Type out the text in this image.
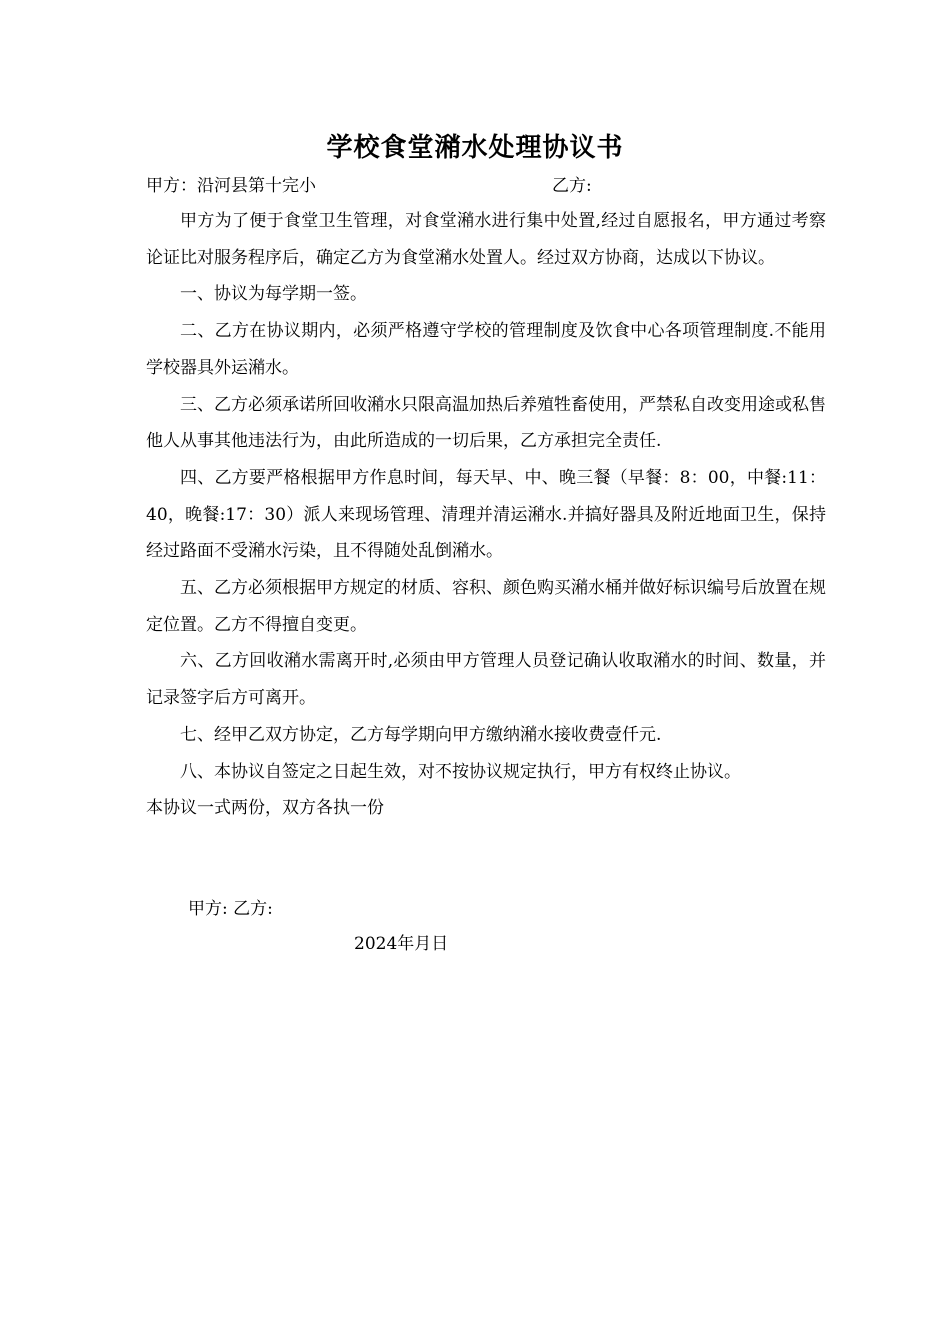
学校食堂潲水处理协议书
甲方：沿河县第十完小	乙方:

甲方为了便于食堂卫生管理，对食堂潲水进行集中处置,经过自愿报名，甲方通过考察论证比对服务程序后，确定乙方为食堂潲水处置人。经过双方协商，达成以下协议。

一、协议为每学期一签。

二、乙方在协议期内，必须严格遵守学校的管理制度及饮食中心各项管理制度.不能用学校器具外运潲水。

三、乙方必须承诺所回收潲水只限高温加热后养殖牲畜使用，严禁私自改变用途或私售他人从事其他违法行为，由此所造成的一切后果，乙方承担完全责任.

四、乙方要严格根据甲方作息时间，每天早、中、晚三餐（早餐：8：00，中餐:11：40，晚餐:17：30）派人来现场管理、清理并清运潲水.并搞好器具及附近地面卫生，保持经过路面不受潲水污染，且不得随处乱倒潲水。

五、乙方必须根据甲方规定的材质、容积、颜色购买潲水桶并做好标识编号后放置在规定位置。乙方不得擅自变更。

六、乙方回收潲水需离开时,必须由甲方管理人员登记确认收取潲水的时间、数量，并记录签字后方可离开。

七、经甲乙双方协定，乙方每学期向甲方缴纳潲水接收费壹仟元.

八、本协议自签定之日起生效，对不按协议规定执行，甲方有权终止协议。

本协议一式两份，双方各执一份

甲方: 乙方:
2024年月日
